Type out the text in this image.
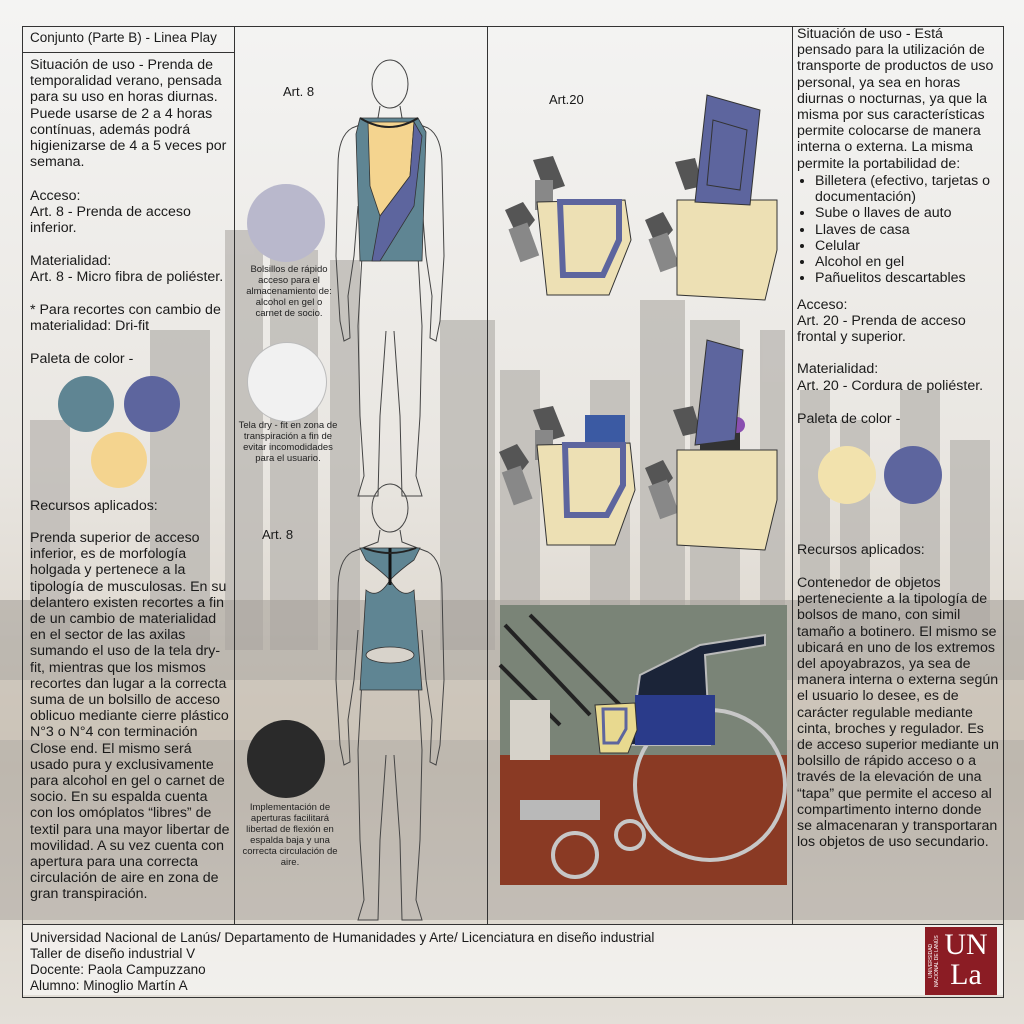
Conjunto (Parte B) - Linea Play
Situación de uso - Prenda de temporalidad verano, pensada para su uso en horas diurnas. Puede usarse de 2 a 4 horas contínuas, además podrá higienizarse de 4 a 5 veces por semana.
Acceso:
Art. 8 - Prenda de acceso inferior.
Materialidad:
Art. 8 - Micro fibra de poliéster.
* Para recortes con cambio de materialidad: Dri-fit
Paleta de color -
Recursos aplicados:
Prenda superior de acceso inferior, es de morfología holgada y pertenece a la tipología de musculosas. En su delantero existen recortes a fin de un cambio de materialidad en el sector de las axilas sumando el uso de la tela dry-fit, mientras que los mismos recortes dan lugar a la correcta suma de un bolsillo de acceso oblicuo mediante cierre plástico N°3 o N°4 con terminación Close end. El mismo será usado pura y exclusivamente para alcohol en gel o carnet de socio. En su espalda cuenta con los omóplatos “libres” de textil para una mayor libertar de movilidad. A su vez cuenta con apertura para una correcta circulación de aire en zona de gran transpiración.
Art. 8
Bolsillos de rápido acceso para el almacenamiento de: alcohol en gel o carnet de socio.
Tela dry - fit en zona de transpiración a fin de evitar incomodidades para el usuario.
Art. 8
Implementación de aperturas facilitará libertad de flexión en espalda baja y una correcta circulación de aire.
Art.20
Situación de uso - Está pensado para la utilización de transporte de productos de uso personal, ya sea en horas diurnas o nocturnas, ya que la misma por sus características permite colocarse de manera interna o externa. La misma permite la portabilidad de:
• Billetera (efectivo, tarjetas o documentación)
• Sube o llaves de auto
• Llaves de casa
• Celular
• Alcohol en gel
• Pañuelitos descartables
Acceso:
Art. 20 - Prenda de acceso frontal y superior.
Materialidad:
Art. 20 - Cordura de poliéster.
Paleta de color -
Recursos aplicados:
Contenedor de objetos perteneciente a la tipología de bolsos de mano, con simil tamaño a botinero. El mismo se ubicará en uno de los extremos del apoyabrazos, ya sea de manera interna o externa según el usuario lo desee, es de carácter regulable mediante cinta, broches y regulador. Es de acceso superior mediante un bolsillo de rápido acceso o a través de la elevación de una “tapa” que permite el acceso al compartimento interno donde se almacenaran y transportaran los objetos de uso secundario.
Universidad Nacional de Lanús/ Departamento de Humanidades y Arte/ Licenciatura en diseño industrial
Taller de diseño industrial V
Docente: Paola Campuzzano
Alumno: Minoglio Martín A
UNIVERSIDAD NACIONAL DE LANÚS UN
La
